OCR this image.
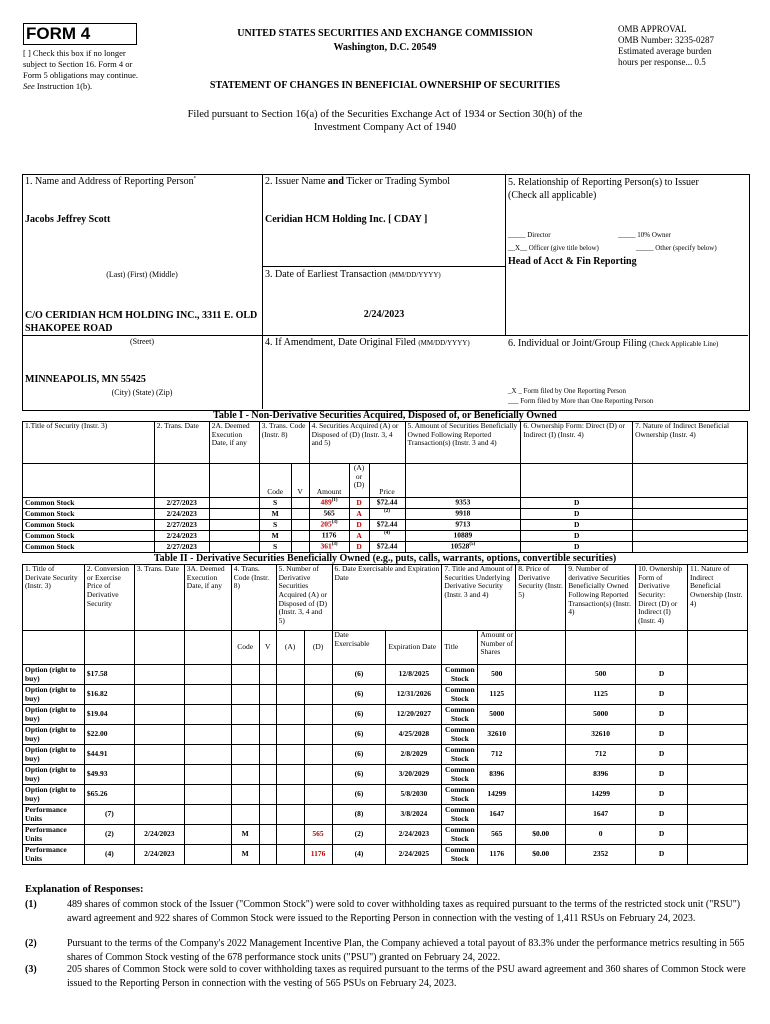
FORM 4
[ ] Check this box if no longer subject to Section 16. Form 4 or Form 5 obligations may continue. See Instruction 1(b).
UNITED STATES SECURITIES AND EXCHANGE COMMISSION
Washington, D.C. 20549
STATEMENT OF CHANGES IN BENEFICIAL OWNERSHIP OF SECURITIES
OMB APPROVAL
OMB Number: 3235-0287
Estimated average burden
hours per response... 0.5
Filed pursuant to Section 16(a) of the Securities Exchange Act of 1934 or Section 30(h) of the
Investment Company Act of 1940
1. Name and Address of Reporting Person*
Jacobs Jeffrey Scott
(Last) (First) (Middle)
C/O CERIDIAN HCM HOLDING INC., 3311 E. OLD SHAKOPEE ROAD
(Street)
MINNEAPOLIS, MN 55425
(City) (State) (Zip)
2. Issuer Name and Ticker or Trading Symbol
Ceridian HCM Holding Inc. [ CDAY ]
3. Date of Earliest Transaction (MM/DD/YYYY)
2/24/2023
4. If Amendment, Date Original Filed (MM/DD/YYYY)
5. Relationship of Reporting Person(s) to Issuer
(Check all applicable)
_____ Director	_____ 10% Owner
__X__ Officer (give title below)	_____ Other (specify below)
Head of Acct & Fin Reporting
6. Individual or Joint/Group Filing (Check Applicable Line)
_X _ Form filed by One Reporting Person
___ Form filed by More than One Reporting Person
Table I - Non-Derivative Securities Acquired, Disposed of, or Beneficially Owned
1.Title of Security (Instr. 3)	2. Trans. Date	2A. Deemed Execution Date, if any	3. Trans. Code (Instr. 8)		4. Securities Acquired (A) or Disposed of (D) (Instr. 3, 4 and 5)			5. Amount of Securities Beneficially Owned Following Reported Transaction(s) (Instr. 3 and 4)	6. Ownership Form: Direct (D) or Indirect (I) (Instr. 4)	7. Nature of Indirect Beneficial Ownership (Instr. 4)
			Code	V	Amount	(A) or (D)	Price			
Common Stock	2/27/2023		S		489$^{(1)}$	D	$72.44	9353	D	
Common Stock	2/24/2023		M		565	A	$^{(2)}$	9918	D	
Common Stock	2/27/2023		S		205$^{(3)}$	D	$72.44	9713	D	
Common Stock	2/24/2023		M		1176	A	$^{(4)}$	10889	D	
Common Stock	2/27/2023		S		361$^{(3)}$	D	$72.44	10528$^{(5)}$	D	
Table II - Derivative Securities Beneficially Owned (e.g., puts, calls, warrants, options, convertible securities)
1. Title of Derivate Security (Instr. 3)	2. Conversion or Exercise Price of Derivative Security	3. Trans. Date	3A. Deemed Execution Date, if any	4. Trans. Code (Instr. 8)		5. Number of Derivative Securities Acquired (A) or Disposed of (D) (Instr. 3, 4 and 5)		6. Date Exercisable and Expiration Date		7. Title and Amount of Securities Underlying Derivative Security (Instr. 3 and 4)		8. Price of Derivative Security (Instr. 5)	9. Number of derivative Securities Beneficially Owned Following Reported Transaction(s) (Instr. 4)	10. Ownership Form of Derivative Security: Direct (D) or Indirect (I) (Instr. 4)	11. Nature of Indirect Beneficial Ownership (Instr. 4)
				Code	V	(A)	(D)	Date Exercisable	Expiration Date	Title	Amount or Number of Shares				
Option (right to buy)	$17.58							(6)	12/8/2025	Common Stock	500		500	D	
Option (right to buy)	$16.82							(6)	12/31/2026	Common Stock	1125		1125	D	
Option (right to buy)	$19.04							(6)	12/20/2027	Common Stock	5000		5000	D	
Option (right to buy)	$22.00							(6)	4/25/2028	Common Stock	32610		32610	D	
Option (right to buy)	$44.91							(6)	2/8/2029	Common Stock	712		712	D	
Option (right to buy)	$49.93							(6)	3/20/2029	Common Stock	8396		8396	D	
Option (right to buy)	$65.26							(6)	5/8/2030	Common Stock	14299		14299	D	
Performance Units	(7)							(8)	3/8/2024	Common Stock	1647		1647	D	
Performance Units	(2)	2/24/2023		M			565	(2)	2/24/2023	Common Stock	565	$0.00	0	D	
Performance Units	(4)	2/24/2023		M			1176	(4)	2/24/2025	Common Stock	1176	$0.00	2352	D	
Explanation of Responses:
(1)	489 shares of common stock of the Issuer ("Common Stock") were sold to cover withholding taxes as required pursuant to the terms of the restricted stock unit ("RSU") award agreement and 922 shares of Common Stock were issued to the Reporting Person in connection with the vesting of 1,411 RSUs on February 24, 2023.
(2)	Pursuant to the terms of the Company's 2022 Management Incentive Plan, the Company achieved a total payout of 83.3% under the performance metrics resulting in 565 shares of Common Stock vesting of the 678 performance stock units ("PSU") granted on February 24, 2022.
(3)	205 shares of Common Stock were sold to cover withholding taxes as required pursuant to the terms of the PSU award agreement and 360 shares of Common Stock were issued to the Reporting Person in connection with the vesting of 565 PSUs on February 24, 2023.
